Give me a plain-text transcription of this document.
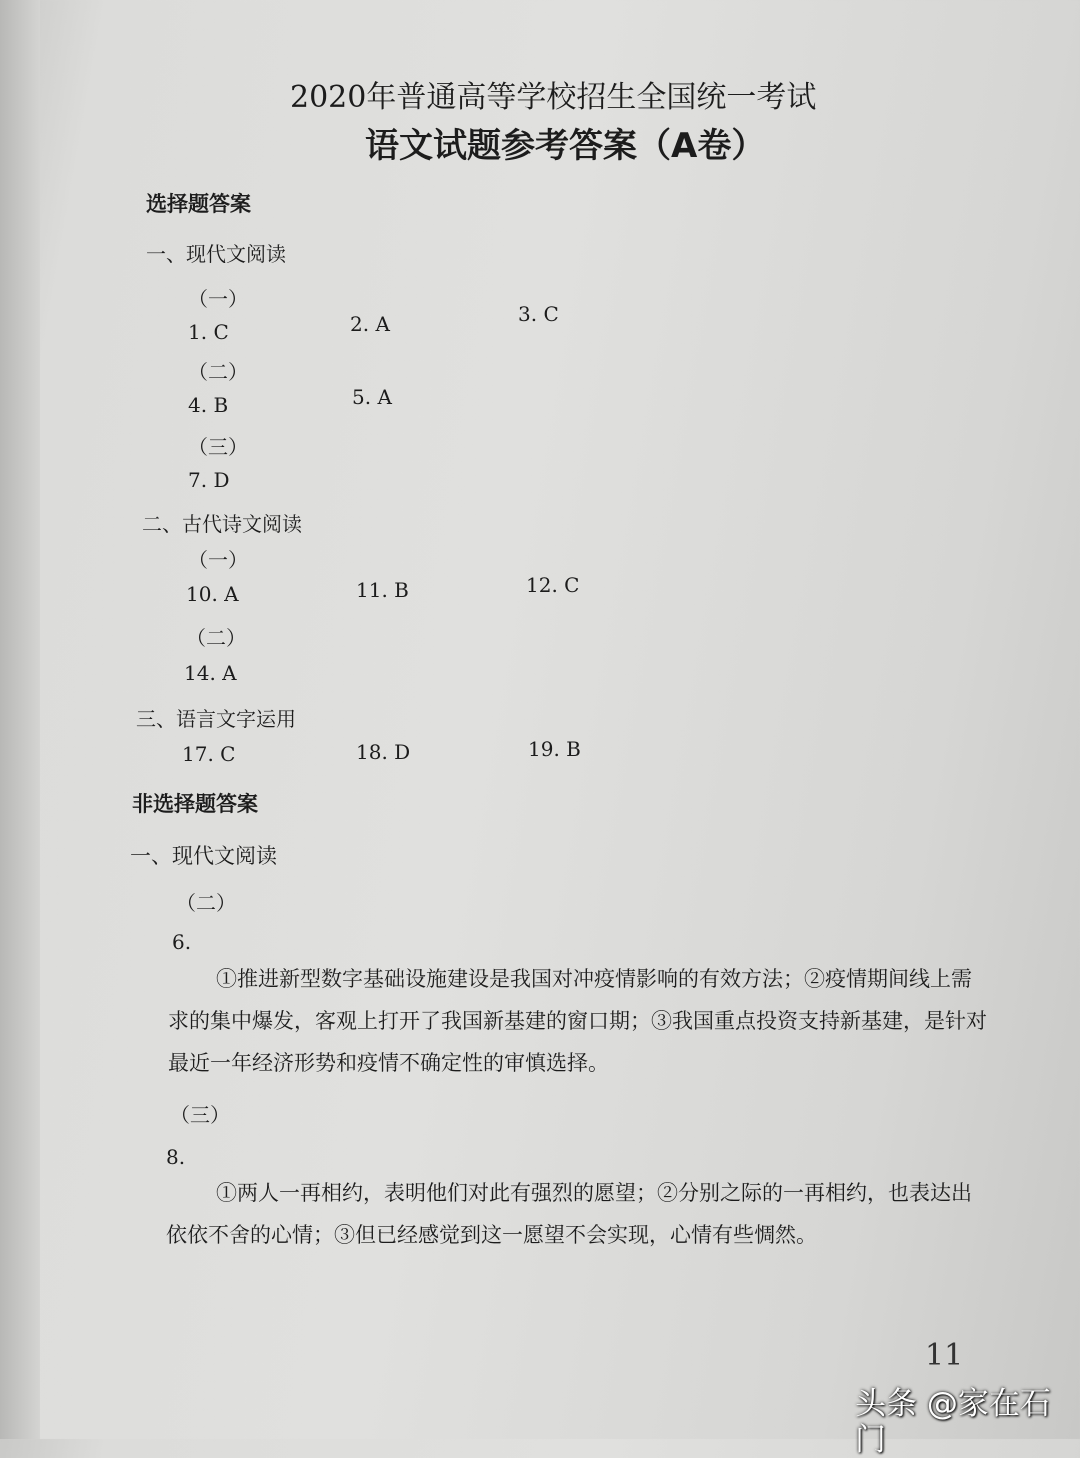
2020年普通高等学校招生全国统一考试
语文试题参考答案（A卷）
选择题答案
一、现代文阅读
（一）
1. C	2. A	3. C
（二）
4. B	5. A
（三）
7. D
二、古代诗文阅读
（一）
10. A	11. B	12. C
（二）
14. A
三、语言文字运用
17. C	18. D	19. B
非选择题答案
一、现代文阅读
（二）
6.
①推进新型数字基础设施建设是我国对冲疫情影响的有效方法；②疫情期间线上需求的集中爆发，客观上打开了我国新基建的窗口期；③我国重点投资支持新基建，是针对最近一年经济形势和疫情不确定性的审慎选择。
（三）
8.
①两人一再相约，表明他们对此有强烈的愿望；②分别之际的一再相约，也表达出依依不舍的心情；③但已经感觉到这一愿望不会实现，心情有些惆然。
11
头条 @家在石门
